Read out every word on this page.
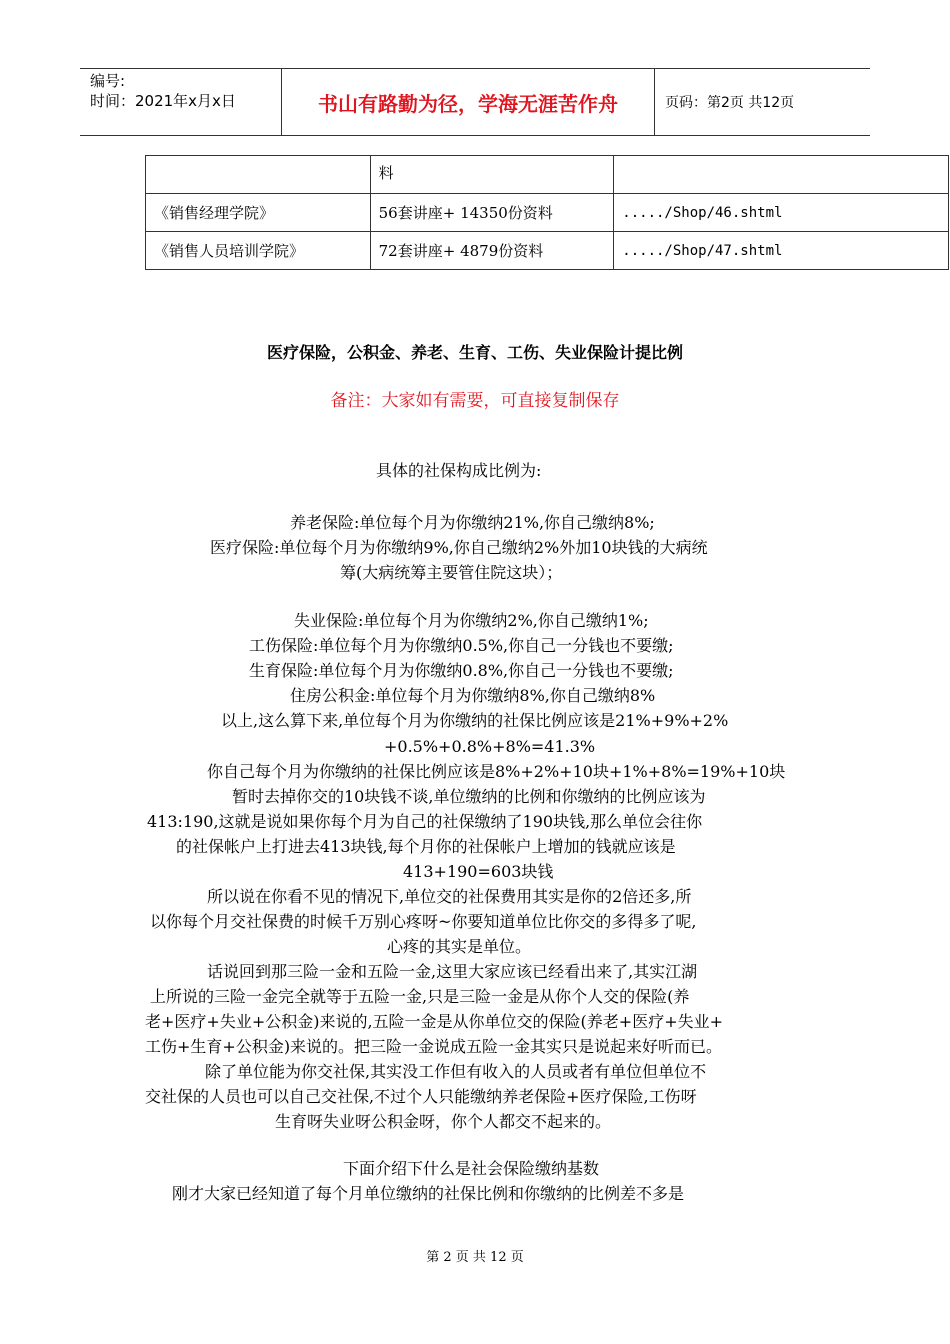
编号:
时间：2021年x月x日	书山有路勤为径，学海无涯苦作舟	页码：第2页 共12页
	料	
《销售经理学院》	56套讲座+ 14350份资料	...../Shop/46.shtml
《销售人员培训学院》	72套讲座+ 4879份资料	...../Shop/47.shtml
医疗保险，公积金、养老、生育、工伤、失业保险计提比例
备注：大家如有需要，可直接复制保存
具体的社保构成比例为:
养老保险:单位每个月为你缴纳21%,你自己缴纳8%;
医疗保险:单位每个月为你缴纳9%,你自己缴纳2%外加10块钱的大病统
筹(大病统筹主要管住院这块）；
失业保险:单位每个月为你缴纳2%,你自己缴纳1%;
工伤保险:单位每个月为你缴纳0.5%,你自己一分钱也不要缴;
生育保险:单位每个月为你缴纳0.8%,你自己一分钱也不要缴;
住房公积金:单位每个月为你缴纳8%,你自己缴纳8%
以上,这么算下来,单位每个月为你缴纳的社保比例应该是21%+9%+2%
+0.5%+0.8%+8%=41.3%
你自己每个月为你缴纳的社保比例应该是8%+2%+10块+1%+8%=19%+10块
暂时去掉你交的10块钱不谈,单位缴纳的比例和你缴纳的比例应该为
413:190,这就是说如果你每个月为自己的社保缴纳了190块钱,那么单位会往你
的社保帐户上打进去413块钱,每个月你的社保帐户上增加的钱就应该是
413+190=603块钱
所以说在你看不见的情况下,单位交的社保费用其实是你的2倍还多,所
以你每个月交社保费的时候千万别心疼呀~你要知道单位比你交的多得多了呢,
心疼的其实是单位。
话说回到那三险一金和五险一金,这里大家应该已经看出来了,其实江湖
上所说的三险一金完全就等于五险一金,只是三险一金是从你个人交的保险(养
老+医疗+失业+公积金)来说的,五险一金是从你单位交的保险(养老+医疗+失业+
工伤+生育+公积金)来说的。把三险一金说成五险一金其实只是说起来好听而已。
除了单位能为你交社保,其实没工作但有收入的人员或者有单位但单位不
交社保的人员也可以自己交社保,不过个人只能缴纳养老保险+医疗保险,工伤呀
生育呀失业呀公积金呀，你个人都交不起来的。
下面介绍下什么是社会保险缴纳基数
刚才大家已经知道了每个月单位缴纳的社保比例和你缴纳的比例差不多是
第 2 页 共 12 页
